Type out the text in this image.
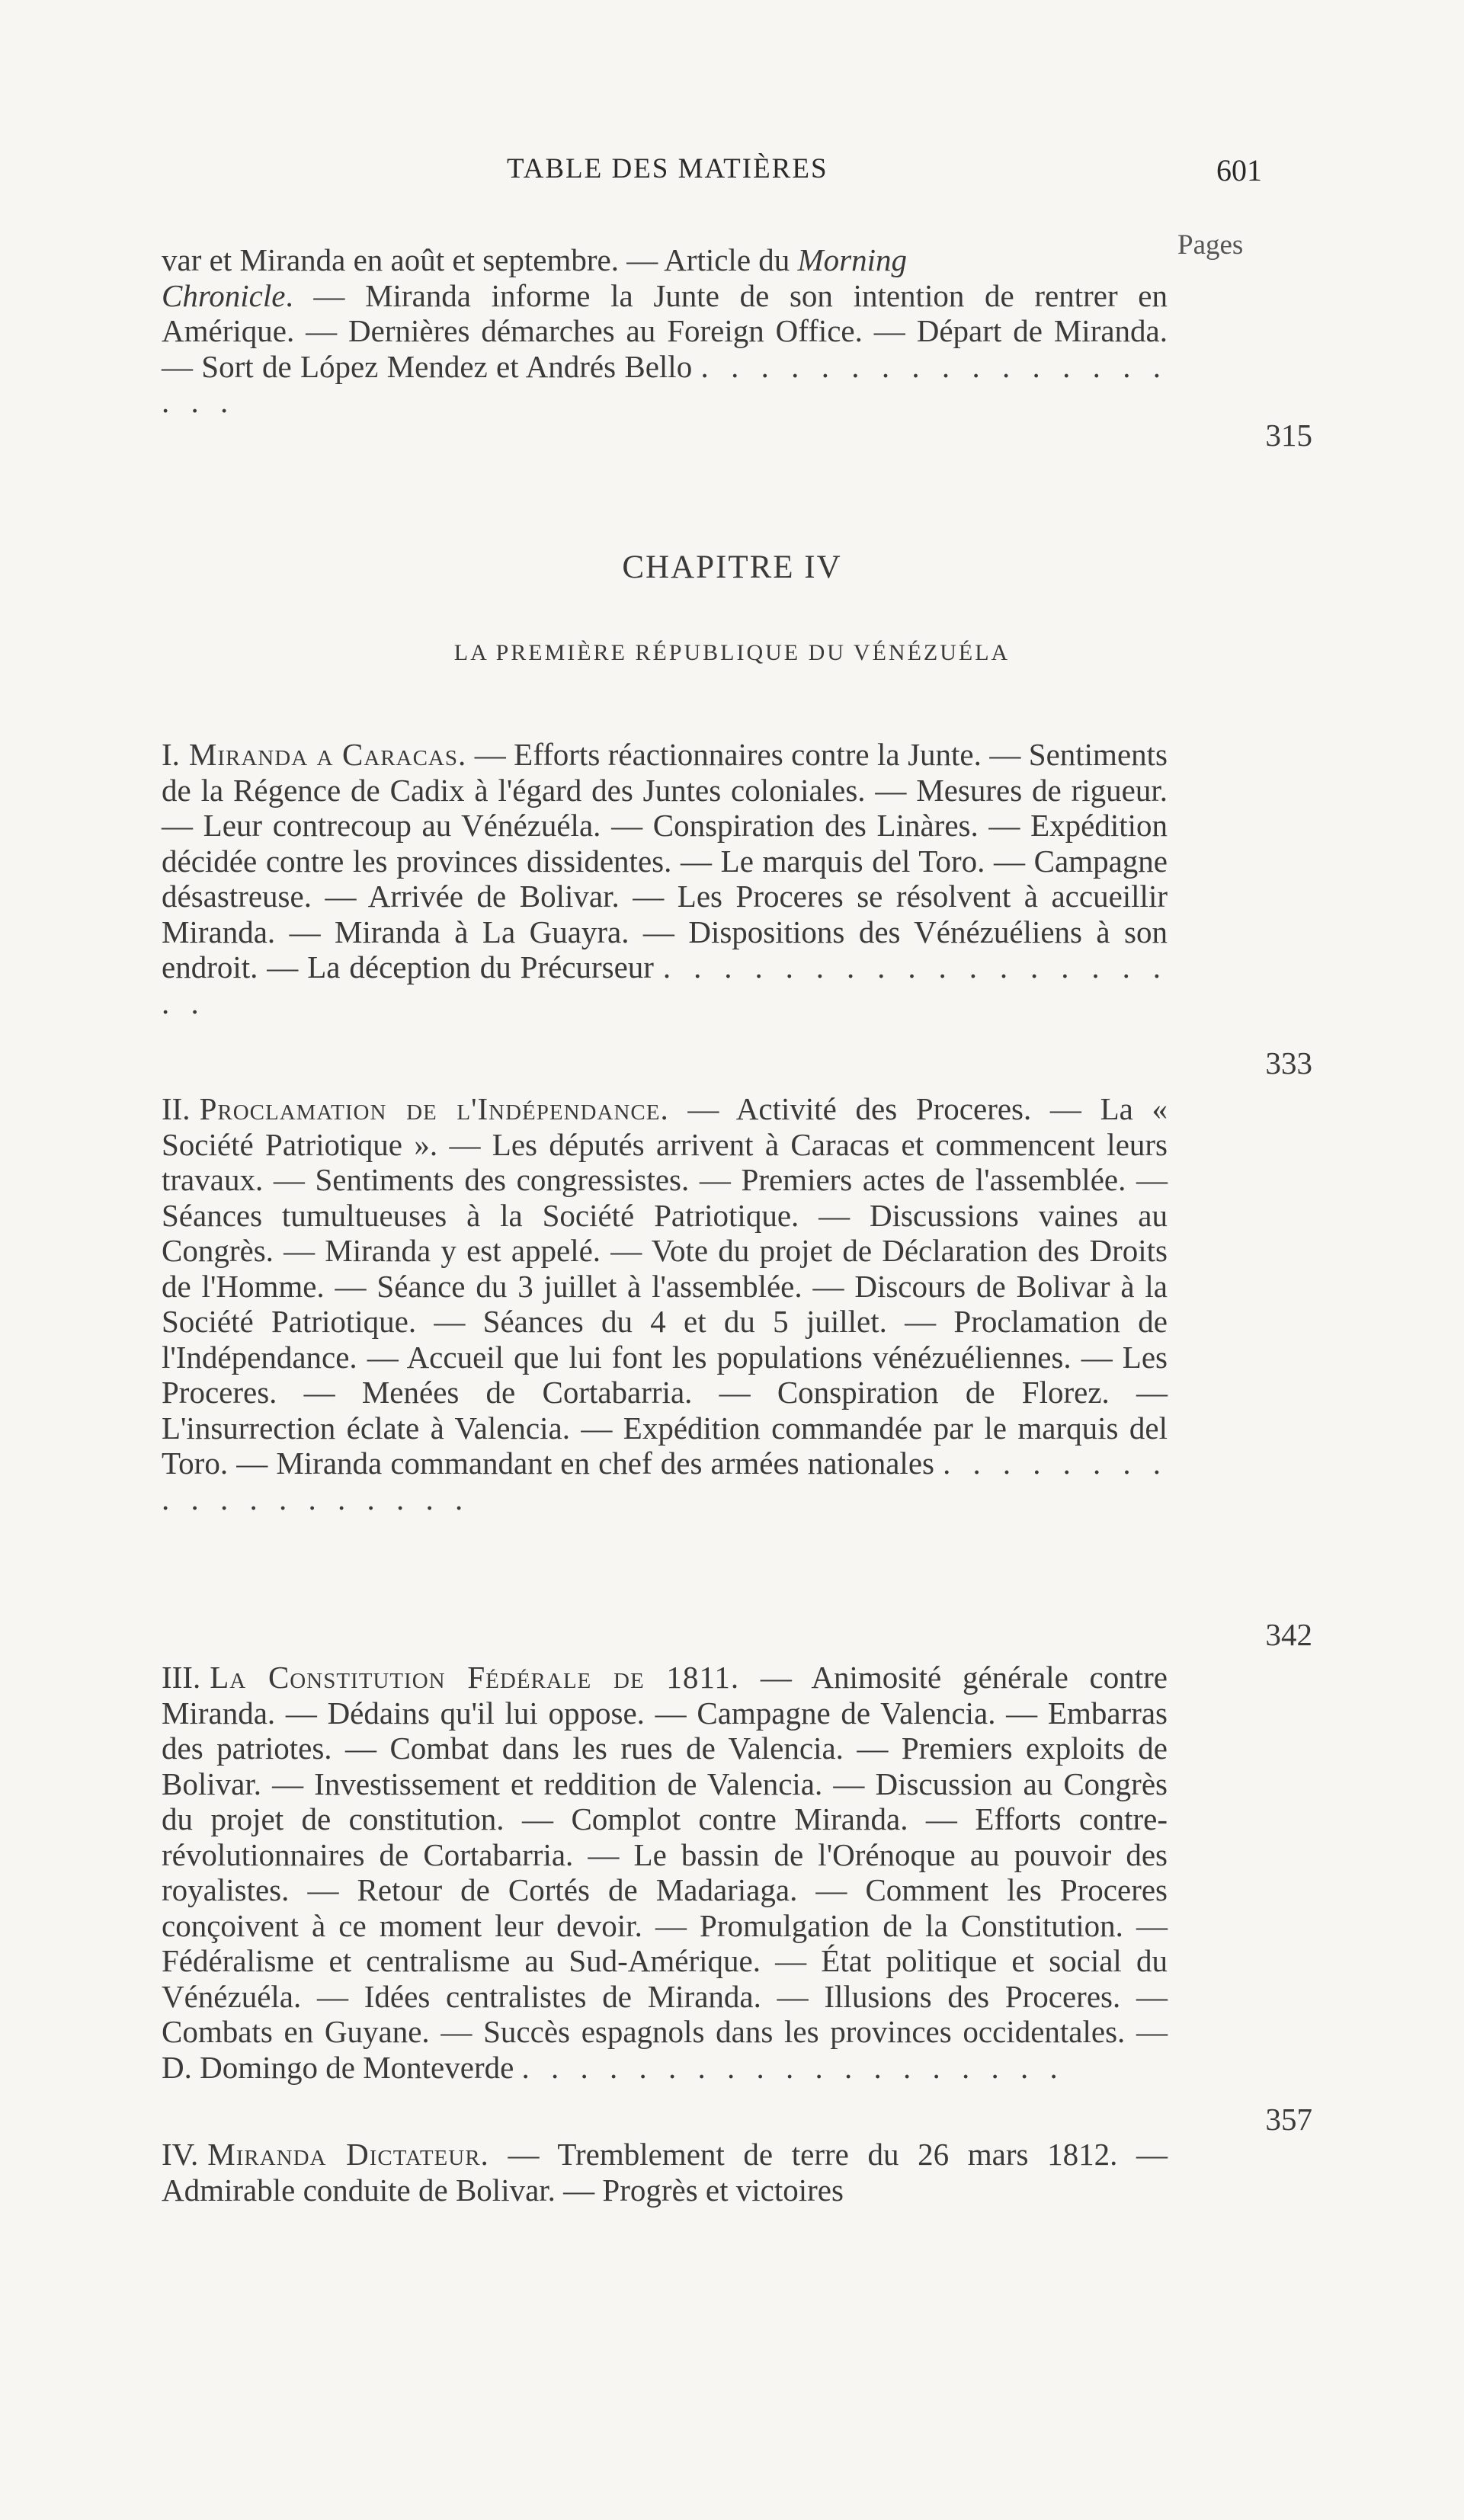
TABLE DES MATIÈRES	601
Pages
var et Miranda en août et septembre. — Article du Morning
Chronicle. — Miranda informe la Junte de son intention de rentrer en Amérique. — Dernières démarches au Foreign Office. — Départ de Miranda. — Sort de López Mendez et Andrés Bello . . . . . . . . . . . . . . . . . . .
315
CHAPITRE IV
LA PREMIÈRE RÉPUBLIQUE DU VÉNÉZUÉLA
I. Miranda a Caracas. — Efforts réactionnaires contre la Junte. — Sentiments de la Régence de Cadix à l'égard des Juntes coloniales. — Mesures de rigueur. — Leur contrecoup au Vénézuéla. — Conspiration des Linàres. — Expédition décidée contre les provinces dissidentes. — Le marquis del Toro. — Campagne désastreuse. — Arrivée de Bolivar. — Les Proceres se résolvent à accueillir Miranda. — Miranda à La Guayra. — Dispositions des Vénézuéliens à son endroit. — La déception du Précurseur . . . . . . . . . . . . . . . . . . .
333
II. Proclamation de l'Indépendance. — Activité des Proceres. — La « Société Patriotique ». — Les députés arrivent à Caracas et commencent leurs travaux. — Sentiments des congressistes. — Premiers actes de l'assemblée. — Séances tumultueuses à la Société Patriotique. — Discussions vaines au Congrès. — Miranda y est appelé. — Vote du projet de Déclaration des Droits de l'Homme. — Séance du 3 juillet à l'assemblée. — Discours de Bolivar à la Société Patriotique. — Séances du 4 et du 5 juillet. — Proclamation de l'Indépendance. — Accueil que lui font les populations vénézuéliennes. — Les Proceres. — Menées de Cortabarria. — Conspiration de Florez. — L'insurrection éclate à Valencia. — Expédition commandée par le marquis del Toro. — Miranda commandant en chef des armées nationales . . . . . . . . . . . . . . . . . . .
342
III. La Constitution Fédérale de 1811. — Animosité générale contre Miranda. — Dédains qu'il lui oppose. — Campagne de Valencia. — Embarras des patriotes. — Combat dans les rues de Valencia. — Premiers exploits de Bolivar. — Investissement et reddition de Valencia. — Discussion au Congrès du projet de constitution. — Complot contre Miranda. — Efforts contre-révolutionnaires de Cortabarria. — Le bassin de l'Orénoque au pouvoir des royalistes. — Retour de Cortés de Madariaga. — Comment les Proceres conçoivent à ce moment leur devoir. — Promulgation de la Constitution. — Fédéralisme et centralisme au Sud-Amérique. — État politique et social du Vénézuéla. — Idées centralistes de Miranda. — Illusions des Proceres. — Combats en Guyane. — Succès espagnols dans les provinces occidentales. — D. Domingo de Monteverde . . . . . . . . . . . . . . . . . . .
357
IV. Miranda Dictateur. — Tremblement de terre du 26 mars 1812. — Admirable conduite de Bolivar. — Progrès et victoires
